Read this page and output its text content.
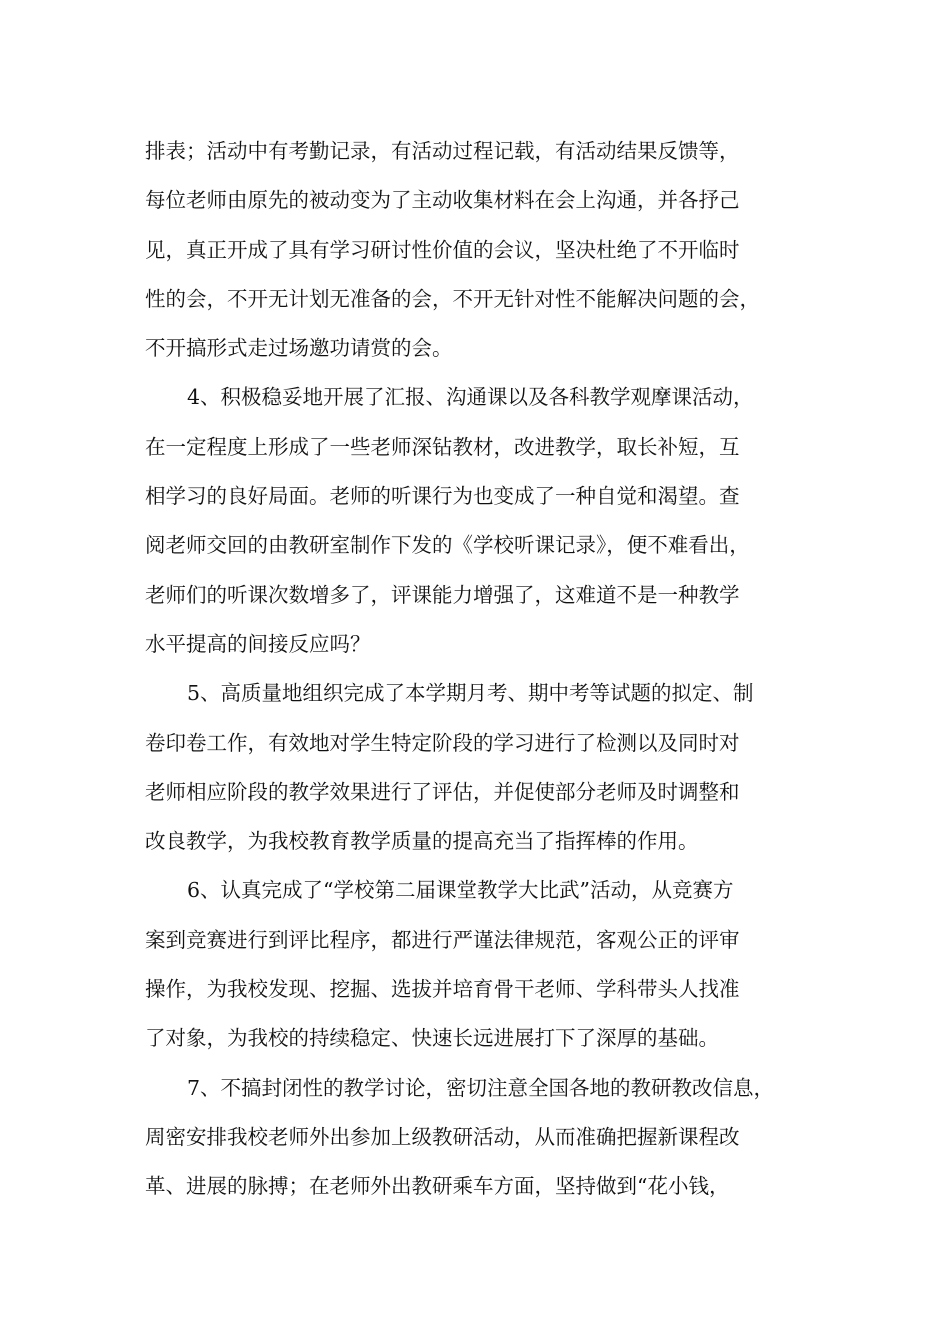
排表；活动中有考勤记录，有活动过程记载，有活动结果反馈等，
每位老师由原先的被动变为了主动收集材料在会上沟通，并各抒己
见，真正开成了具有学习研讨性价值的会议，坚决杜绝了不开临时
性的会，不开无计划无准备的会，不开无针对性不能解决问题的会，
不开搞形式走过场邀功请赏的会。
4、积极稳妥地开展了汇报、沟通课以及各科教学观摩课活动，
在一定程度上形成了一些老师深钻教材，改进教学，取长补短，互
相学习的良好局面。老师的听课行为也变成了一种自觉和渴望。查
阅老师交回的由教研室制作下发的《学校听课记录》，便不难看出，
老师们的听课次数增多了，评课能力增强了，这难道不是一种教学
水平提高的间接反应吗？
5、高质量地组织完成了本学期月考、期中考等试题的拟定、制
卷印卷工作，有效地对学生特定阶段的学习进行了检测以及同时对
老师相应阶段的教学效果进行了评估，并促使部分老师及时调整和
改良教学，为我校教育教学质量的提高充当了指挥棒的作用。
6、认真完成了“学校第二届课堂教学大比武”活动，从竞赛方
案到竞赛进行到评比程序，都进行严谨法律规范，客观公正的评审
操作，为我校发现、挖掘、选拔并培育骨干老师、学科带头人找准
了对象，为我校的持续稳定、快速长远进展打下了深厚的基础。
7、不搞封闭性的教学讨论，密切注意全国各地的教研教改信息，
周密安排我校老师外出参加上级教研活动，从而准确把握新课程改
革、进展的脉搏；在老师外出教研乘车方面，坚持做到“花小钱，
